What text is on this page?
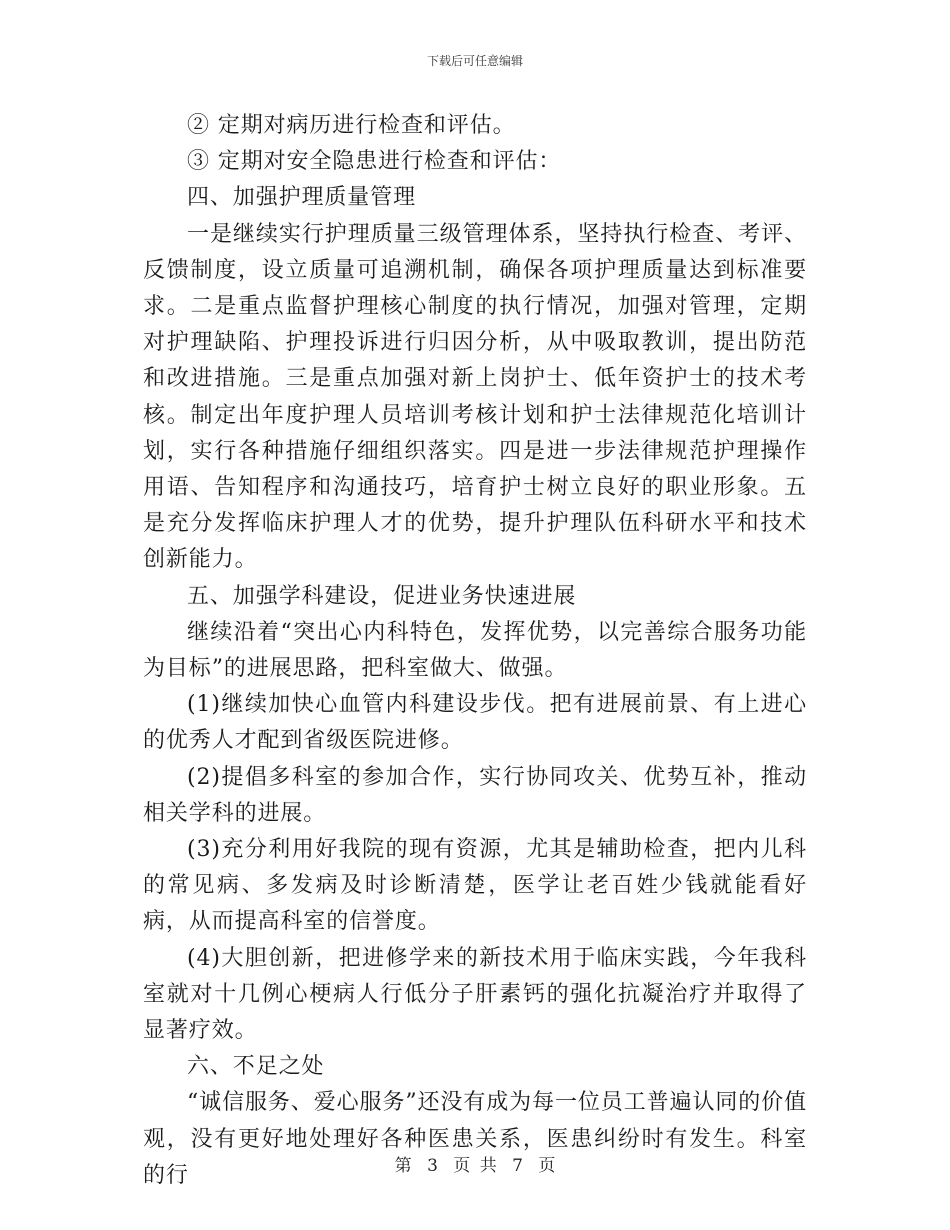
下载后可任意编辑

② 定期对病历进行检查和评估。

③ 定期对安全隐患进行检查和评估：

四、加强护理质量管理

一是继续实行护理质量三级管理体系，坚持执行检查、考评、反馈制度，设立质量可追溯机制，确保各项护理质量达到标准要求。二是重点监督护理核心制度的执行情况，加强对管理，定期对护理缺陷、护理投诉进行归因分析，从中吸取教训，提出防范和改进措施。三是重点加强对新上岗护士、低年资护士的技术考核。制定出年度护理人员培训考核计划和护士法律规范化培训计划，实行各种措施仔细组织落实。四是进一步法律规范护理操作用语、告知程序和沟通技巧，培育护士树立良好的职业形象。五是充分发挥临床护理人才的优势，提升护理队伍科研水平和技术创新能力。

五、加强学科建设，促进业务快速进展

继续沿着“突出心内科特色，发挥优势，以完善综合服务功能为目标”的进展思路，把科室做大、做强。

(1)继续加快心血管内科建设步伐。把有进展前景、有上进心的优秀人才配到省级医院进修。

(2)提倡多科室的参加合作，实行协同攻关、优势互补，推动相关学科的进展。

(3)充分利用好我院的现有资源，尤其是辅助检查，把内儿科的常见病、多发病及时诊断清楚，医学让老百姓少钱就能看好病，从而提高科室的信誉度。

(4)大胆创新，把进修学来的新技术用于临床实践，今年我科室就对十几例心梗病人行低分子肝素钙的强化抗凝治疗并取得了显著疗效。

六、不足之处

“诚信服务、爱心服务”还没有成为每一位员工普遍认同的价值观，没有更好地处理好各种医患关系，医患纠纷时有发生。科室的行	第 3 页 共 7 页
